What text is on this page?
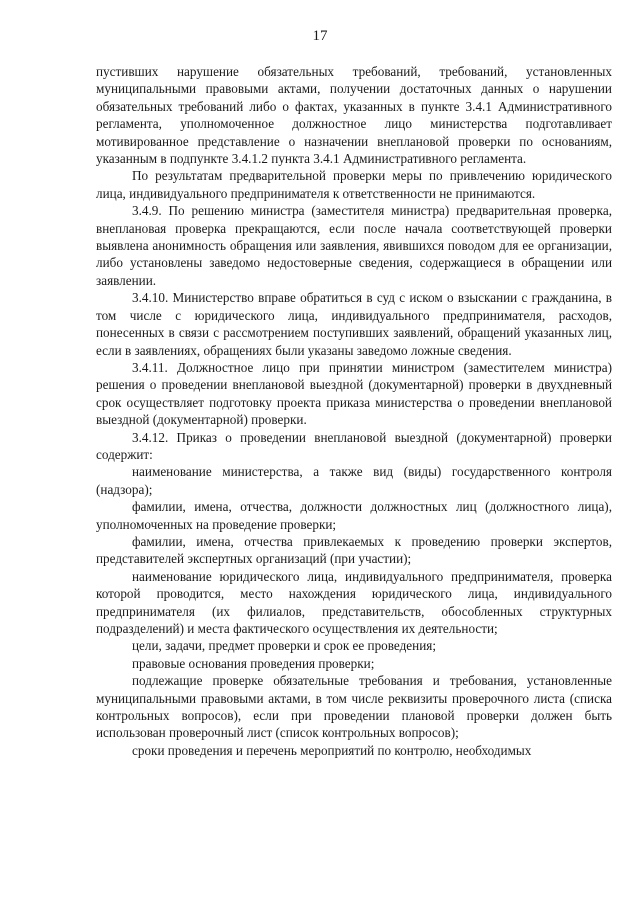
17

пустивших нарушение обязательных требований, требований, установленных муниципальными правовыми актами, получении достаточных данных о нарушении обязательных требований либо о фактах, указанных в пункте 3.4.1 Административного регламента, уполномоченное должностное лицо министерства подготавливает мотивированное представление о назначении внеплановой проверки по основаниям, указанным в подпункте 3.4.1.2 пункта 3.4.1 Административного регламента.

По результатам предварительной проверки меры по привлечению юридического лица, индивидуального предпринимателя к ответственности не принимаются.

3.4.9. По решению министра (заместителя министра) предварительная проверка, внеплановая проверка прекращаются, если после начала соответствующей проверки выявлена анонимность обращения или заявления, явившихся поводом для ее организации, либо установлены заведомо недостоверные сведения, содержащиеся в обращении или заявлении.

3.4.10. Министерство вправе обратиться в суд с иском о взыскании с гражданина, в том числе с юридического лица, индивидуального предпринимателя, расходов, понесенных в связи с рассмотрением поступивших заявлений, обращений указанных лиц, если в заявлениях, обращениях были указаны заведомо ложные сведения.

3.4.11. Должностное лицо при принятии министром (заместителем министра) решения о проведении внеплановой выездной (документарной) проверки в двухдневный срок осуществляет подготовку проекта приказа министерства о проведении внеплановой выездной (документарной) проверки.

3.4.12. Приказ о проведении внеплановой выездной (документарной) проверки содержит:

наименование министерства, а также вид (виды) государственного контроля (надзора);

фамилии, имена, отчества, должности должностных лиц (должностного лица), уполномоченных на проведение проверки;

фамилии, имена, отчества привлекаемых к проведению проверки экспертов, представителей экспертных организаций (при участии);

наименование юридического лица, индивидуального предпринимателя, проверка которой проводится, место нахождения юридического лица, индивидуального предпринимателя (их филиалов, представительств, обособленных структурных подразделений) и места фактического осуществления их деятельности;

цели, задачи, предмет проверки и срок ее проведения;

правовые основания проведения проверки;

подлежащие проверке обязательные требования и требования, установленные муниципальными правовыми актами, в том числе реквизиты проверочного листа (списка контрольных вопросов), если при проведении плановой проверки должен быть использован проверочный лист (список контрольных вопросов);

сроки проведения и перечень мероприятий по контролю, необходимых
